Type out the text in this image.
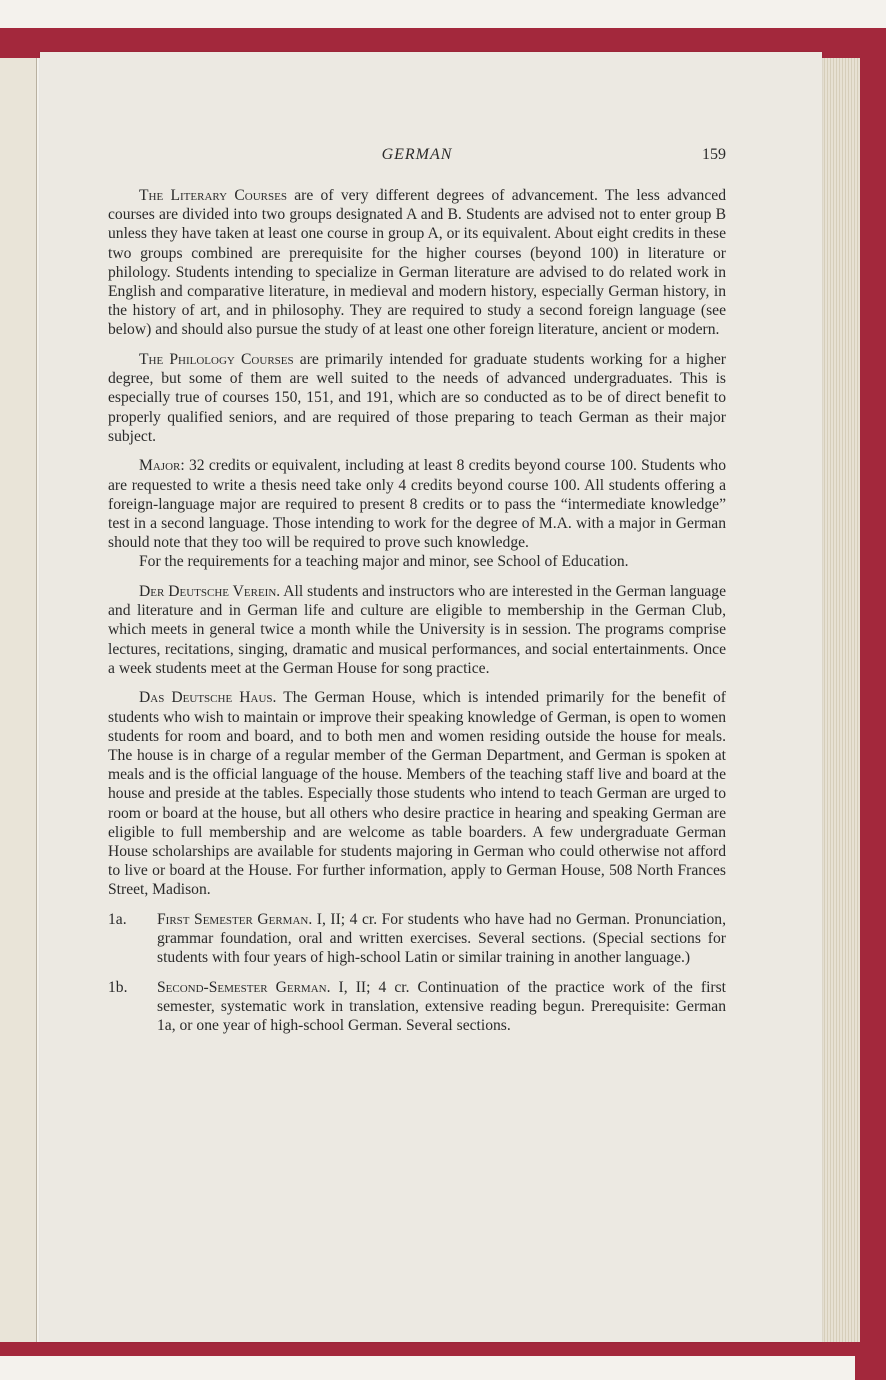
GERMAN	159

The Literary Courses are of very different degrees of advancement. The less advanced courses are divided into two groups designated A and B. Students are advised not to enter group B unless they have taken at least one course in group A, or its equivalent. About eight credits in these two groups combined are prerequisite for the higher courses (beyond 100) in literature or philology. Students intending to specialize in German literature are advised to do related work in English and comparative literature, in medieval and modern history, especially German history, in the history of art, and in philosophy. They are required to study a second foreign language (see below) and should also pursue the study of at least one other foreign literature, ancient or modern.

The Philology Courses are primarily intended for graduate students working for a higher degree, but some of them are well suited to the needs of advanced undergraduates. This is especially true of courses 150, 151, and 191, which are so conducted as to be of direct benefit to properly qualified seniors, and are required of those preparing to teach German as their major subject.

Major: 32 credits or equivalent, including at least 8 credits beyond course 100. Students who are requested to write a thesis need take only 4 credits beyond course 100. All students offering a foreign-language major are required to present 8 credits or to pass the “intermediate knowledge” test in a second language. Those intending to work for the degree of M.A. with a major in German should note that they too will be required to prove such knowledge.

For the requirements for a teaching major and minor, see School of Education.

Der Deutsche Verein. All students and instructors who are interested in the German language and literature and in German life and culture are eligible to membership in the German Club, which meets in general twice a month while the University is in session. The programs comprise lectures, recitations, singing, dramatic and musical performances, and social entertainments. Once a week students meet at the German House for song practice.

Das Deutsche Haus. The German House, which is intended primarily for the benefit of students who wish to maintain or improve their speaking knowledge of German, is open to women students for room and board, and to both men and women residing outside the house for meals. The house is in charge of a regular member of the German Department, and German is spoken at meals and is the official language of the house. Members of the teaching staff live and board at the house and preside at the tables. Especially those students who intend to teach German are urged to room or board at the house, but all others who desire practice in hearing and speaking German are eligible to full membership and are welcome as table boarders. A few undergraduate German House scholarships are available for students majoring in German who could otherwise not afford to live or board at the House. For further information, apply to German House, 508 North Frances Street, Madison.

1a.	First Semester German. I, II; 4 cr. For students who have had no German. Pronunciation, grammar foundation, oral and written exercises. Several sections. (Special sections for students with four years of high-school Latin or similar training in another language.)
1b.	Second-Semester German. I, II; 4 cr. Continuation of the practice work of the first semester, systematic work in translation, extensive reading begun. Prerequisite: German 1a, or one year of high-school German. Several sections.
